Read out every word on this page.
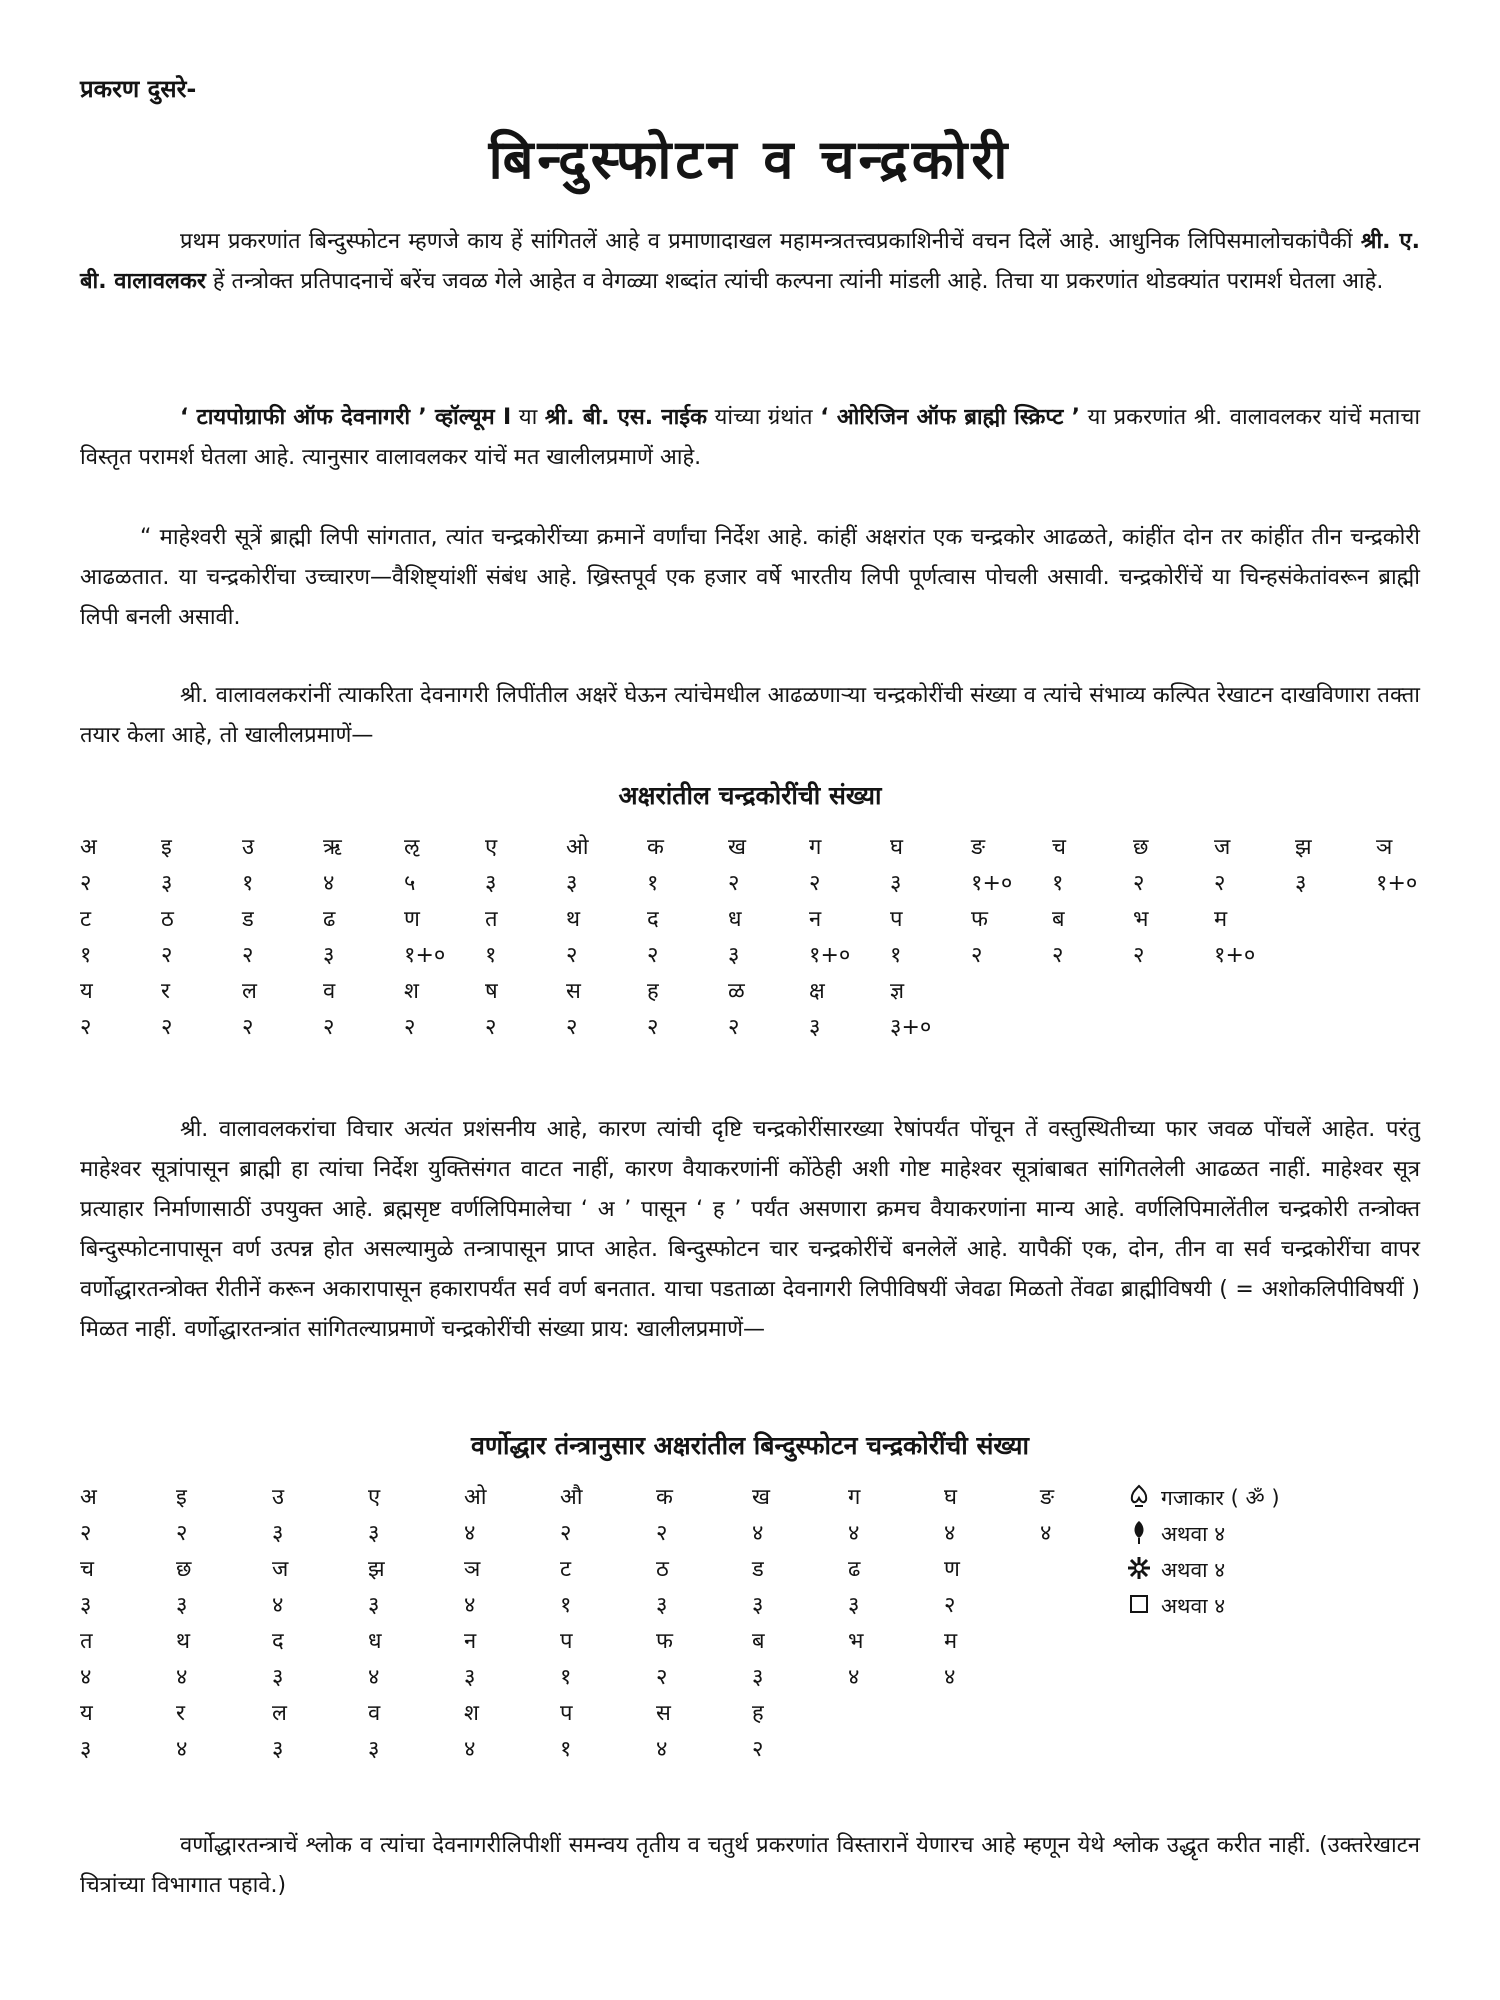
प्रकरण दुसरे-
बिन्दुस्फोटन व चन्द्रकोरी

प्रथम प्रकरणांत बिन्दुस्फोटन म्हणजे काय हें सांगितलें आहे व प्रमाणादाखल महामन्त्रतत्त्वप्रकाशिनीचें वचन दिलें आहे. आधुनिक लिपिसमालोचकांपैकीं श्री. ए. बी. वालावलकर हें तन्त्रोक्त प्रतिपादनाचें बरेंच जवळ गेले आहेत व वेगळ्या शब्दांत त्यांची कल्पना त्यांनी मांडली आहे. तिचा या प्रकरणांत थोडक्यांत परामर्श घेतला आहे.

‘ टायपोग्राफी ऑफ देवनागरी ’ व्हॉल्यूम I या श्री. बी. एस. नाईक यांच्या ग्रंथांत ‘ ओरिजिन ऑफ ब्राह्मी स्क्रिप्ट ’ या प्रकरणांत श्री. वालावलकर यांचें मताचा विस्तृत परामर्श घेतला आहे. त्यानुसार वालावलकर यांचें मत खालीलप्रमाणें आहे.

“ माहेश्वरी सूत्रें ब्राह्मी लिपी सांगतात, त्यांत चन्द्रकोरींच्या क्रमानें वर्णांचा निर्देश आहे. कांहीं अक्षरांत एक चन्द्रकोर आढळते, कांहींत दोन तर कांहींत तीन चन्द्रकोरी आढळतात. या चन्द्रकोरींचा उच्चारण—वैशिष्ट्यांशीं संबंध आहे. ख्रिस्तपूर्व एक हजार वर्षे भारतीय लिपी पूर्णत्वास पोचली असावी. चन्द्रकोरींचें या चिन्हसंकेतांवरून ब्राह्मी लिपी बनली असावी.

श्री. वालावलकरांनीं त्याकरिता देवनागरी लिपींतील अक्षरें घेऊन त्यांचेमधील आढळणाऱ्या चन्द्रकोरींची संख्या व त्यांचे संभाव्य कल्पित रेखाटन दाखविणारा तक्ता तयार केला आहे, तो खालीलप्रमाणें—

अक्षरांतील चन्द्रकोरींची संख्या
अ	इ	उ	ऋ	ऌ	ए	ओ	क	ख	ग	घ	ङ	च	छ	ज	झ	ञ
२	३	१	४	५	३	३	१	२	२	३	१+०	१	२	२	३	१+०
ट	ठ	ड	ढ	ण	त	थ	द	ध	न	प	फ	ब	भ	म
१	२	२	३	१+०	१	२	२	३	१+०	१	२	२	२	१+०
य	र	ल	व	श	ष	स	ह	ळ	क्ष	ज्ञ
२	२	२	२	२	२	२	२	२	३	३+०

श्री. वालावलकरांचा विचार अत्यंत प्रशंसनीय आहे, कारण त्यांची दृष्टि चन्द्रकोरींसारख्या रेषांपर्यंत पोंचून तें वस्तुस्थितीच्या फार जवळ पोंचलें आहेत. परंतु माहेश्वर सूत्रांपासून ब्राह्मी हा त्यांचा निर्देश युक्तिसंगत वाटत नाहीं, कारण वैयाकरणांनीं कोंठेही अशी गोष्ट माहेश्वर सूत्रांबाबत सांगितलेली आढळत नाहीं. माहेश्वर सूत्र प्रत्याहार निर्माणासाठीं उपयुक्त आहे. ब्रह्मसृष्ट वर्णलिपिमालेचा ‘ अ ’ पासून ‘ ह ’ पर्यंत असणारा क्रमच वैयाकरणांना मान्य आहे. वर्णलिपिमालेंतील चन्द्रकोरी तन्त्रोक्त बिन्दुस्फोटनापासून वर्ण उत्पन्न होत असल्यामुळे तन्त्रापासून प्राप्त आहेत. बिन्दुस्फोटन चार चन्द्रकोरींचें बनलेलें आहे. यापैकीं एक, दोन, तीन वा सर्व चन्द्रकोरींचा वापर वर्णोद्धारतन्त्रोक्त रीतीनें करून अकारापासून हकारापर्यंत सर्व वर्ण बनतात. याचा पडताळा देवनागरी लिपीविषयीं जेवढा मिळतो तेंवढा ब्राह्मीविषयी ( = अशोकलिपीविषयीं ) मिळत नाहीं. वर्णोद्धारतन्त्रांत सांगितल्याप्रमाणें चन्द्रकोरींची संख्या प्राय: खालीलप्रमाणें—

वर्णोद्धार तंन्त्रानुसार अक्षरांतील बिन्दुस्फोटन चन्द्रकोरींची संख्या
अ	इ	उ	ए	ओ	औ	क	ख	ग	घ	ङ
२	२	३	३	४	२	२	४	४	४	४
च	छ	ज	झ	ञ	ट	ठ	ड	ढ	ण
३	३	४	३	४	१	३	३	३	२
त	थ	द	ध	न	प	फ	ब	भ	म
४	४	३	४	३	१	२	३	४	४
य	र	ल	व	श	प	स	ह
३	४	३	३	४	१	४	२
गजाकार ( ॐ )
अथवा ४
अथवा ४
अथवा ४

वर्णोद्धारतन्त्राचें श्लोक व त्यांचा देवनागरीलिपीशीं समन्वय तृतीय व चतुर्थ प्रकरणांत विस्तारानें येणारच आहे म्हणून येथे श्लोक उद्धृत करीत नाहीं. (उक्तरेखाटन चित्रांच्या विभागात पहावे.)
